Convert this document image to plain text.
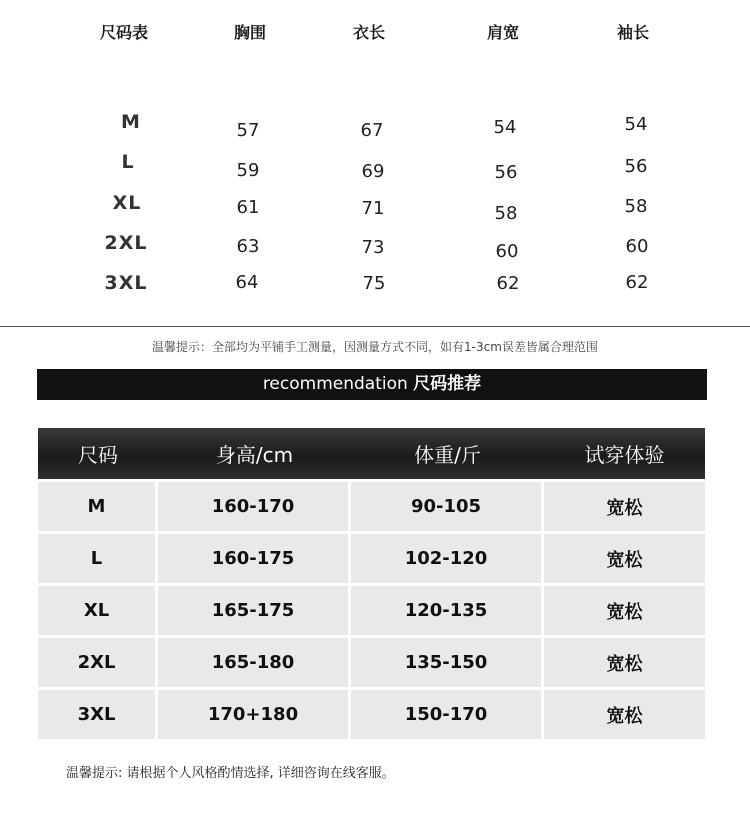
尺码表	胸围	衣长	肩宽	袖长
M	57	67	54	54
L	59	69	56	56
XL	61	71	58	58
2XL	63	73	60	60
3XL	64	75	62	62
温馨提示：全部均为平铺手工测量，因测量方式不同，如有1-3cm误差皆属合理范围
recommendation 尺码推荐
尺码	身高/cm	体重/斤	试穿体验
M	160-170	90-105	宽松
L	160-175	102-120	宽松
XL	165-175	120-135	宽松
2XL	165-180	135-150	宽松
3XL	170+180	150-170	宽松
温馨提示: 请根据个人风格酌情选择, 详细咨询在线客服。
